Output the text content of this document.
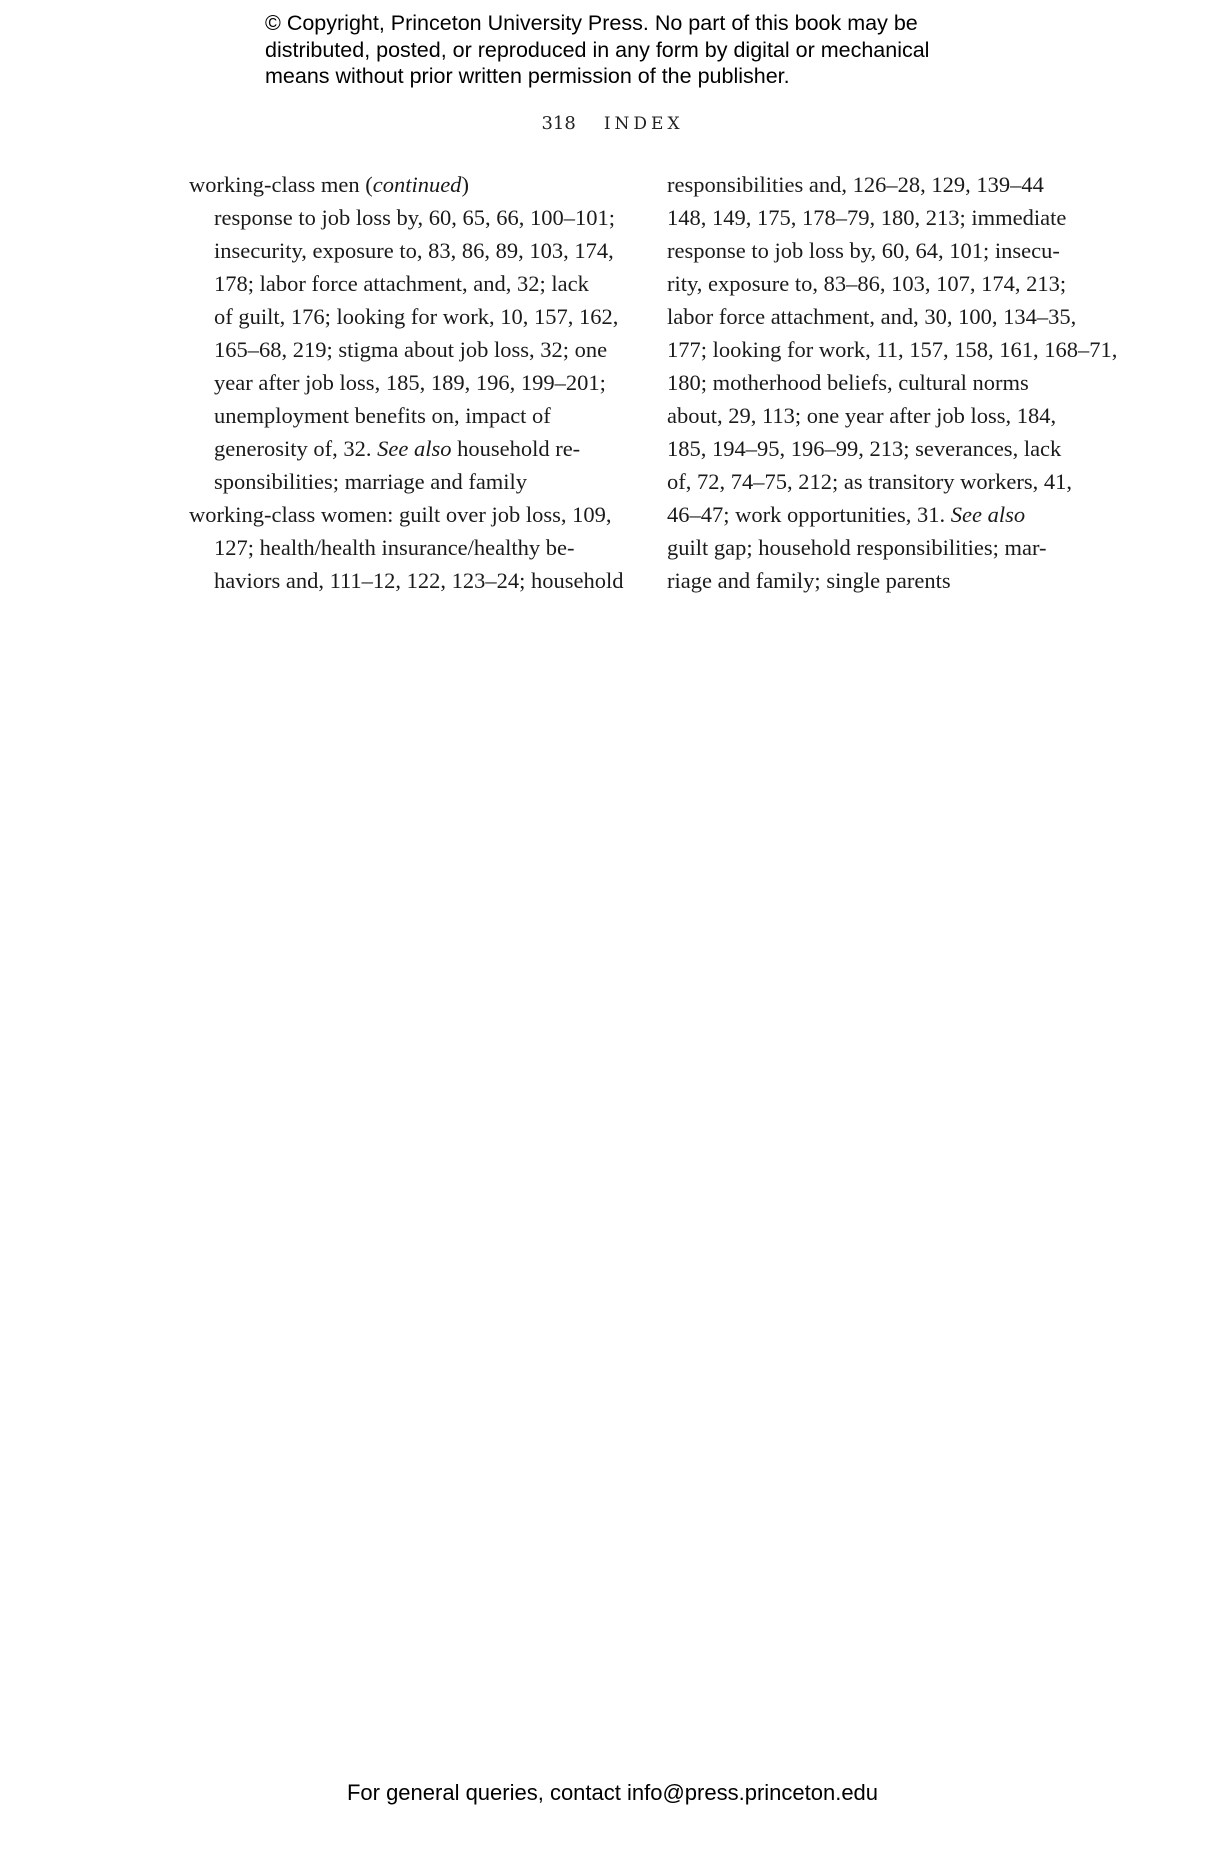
© Copyright, Princeton University Press. No part of this book may be
distributed, posted, or reproduced in any form by digital or mechanical
means without prior written permission of the publisher.
318 INDEX
working-class men (continued)
response to job loss by, 60, 65, 66, 100–101;
insecurity, exposure to, 83, 86, 89, 103, 174,
178; labor force attachment, and, 32; lack
of guilt, 176; looking for work, 10, 157, 162,
165–68, 219; stigma about job loss, 32; one
year after job loss, 185, 189, 196, 199–201;
unemployment benefits on, impact of
generosity of, 32. See also household re-
sponsibilities; marriage and family
working-class women: guilt over job loss, 109,
127; health/health insurance/healthy be-
haviors and, 111–12, 122, 123–24; household
responsibilities and, 126–28, 129, 139–44
148, 149, 175, 178–79, 180, 213; immediate
response to job loss by, 60, 64, 101; insecu-
rity, exposure to, 83–86, 103, 107, 174, 213;
labor force attachment, and, 30, 100, 134–35,
177; looking for work, 11, 157, 158, 161, 168–71,
180; motherhood beliefs, cultural norms
about, 29, 113; one year after job loss, 184,
185, 194–95, 196–99, 213; severances, lack
of, 72, 74–75, 212; as transitory workers, 41,
46–47; work opportunities, 31. See also
guilt gap; household responsibilities; mar-
riage and family; single parents
For general queries, contact info@press.princeton.edu
